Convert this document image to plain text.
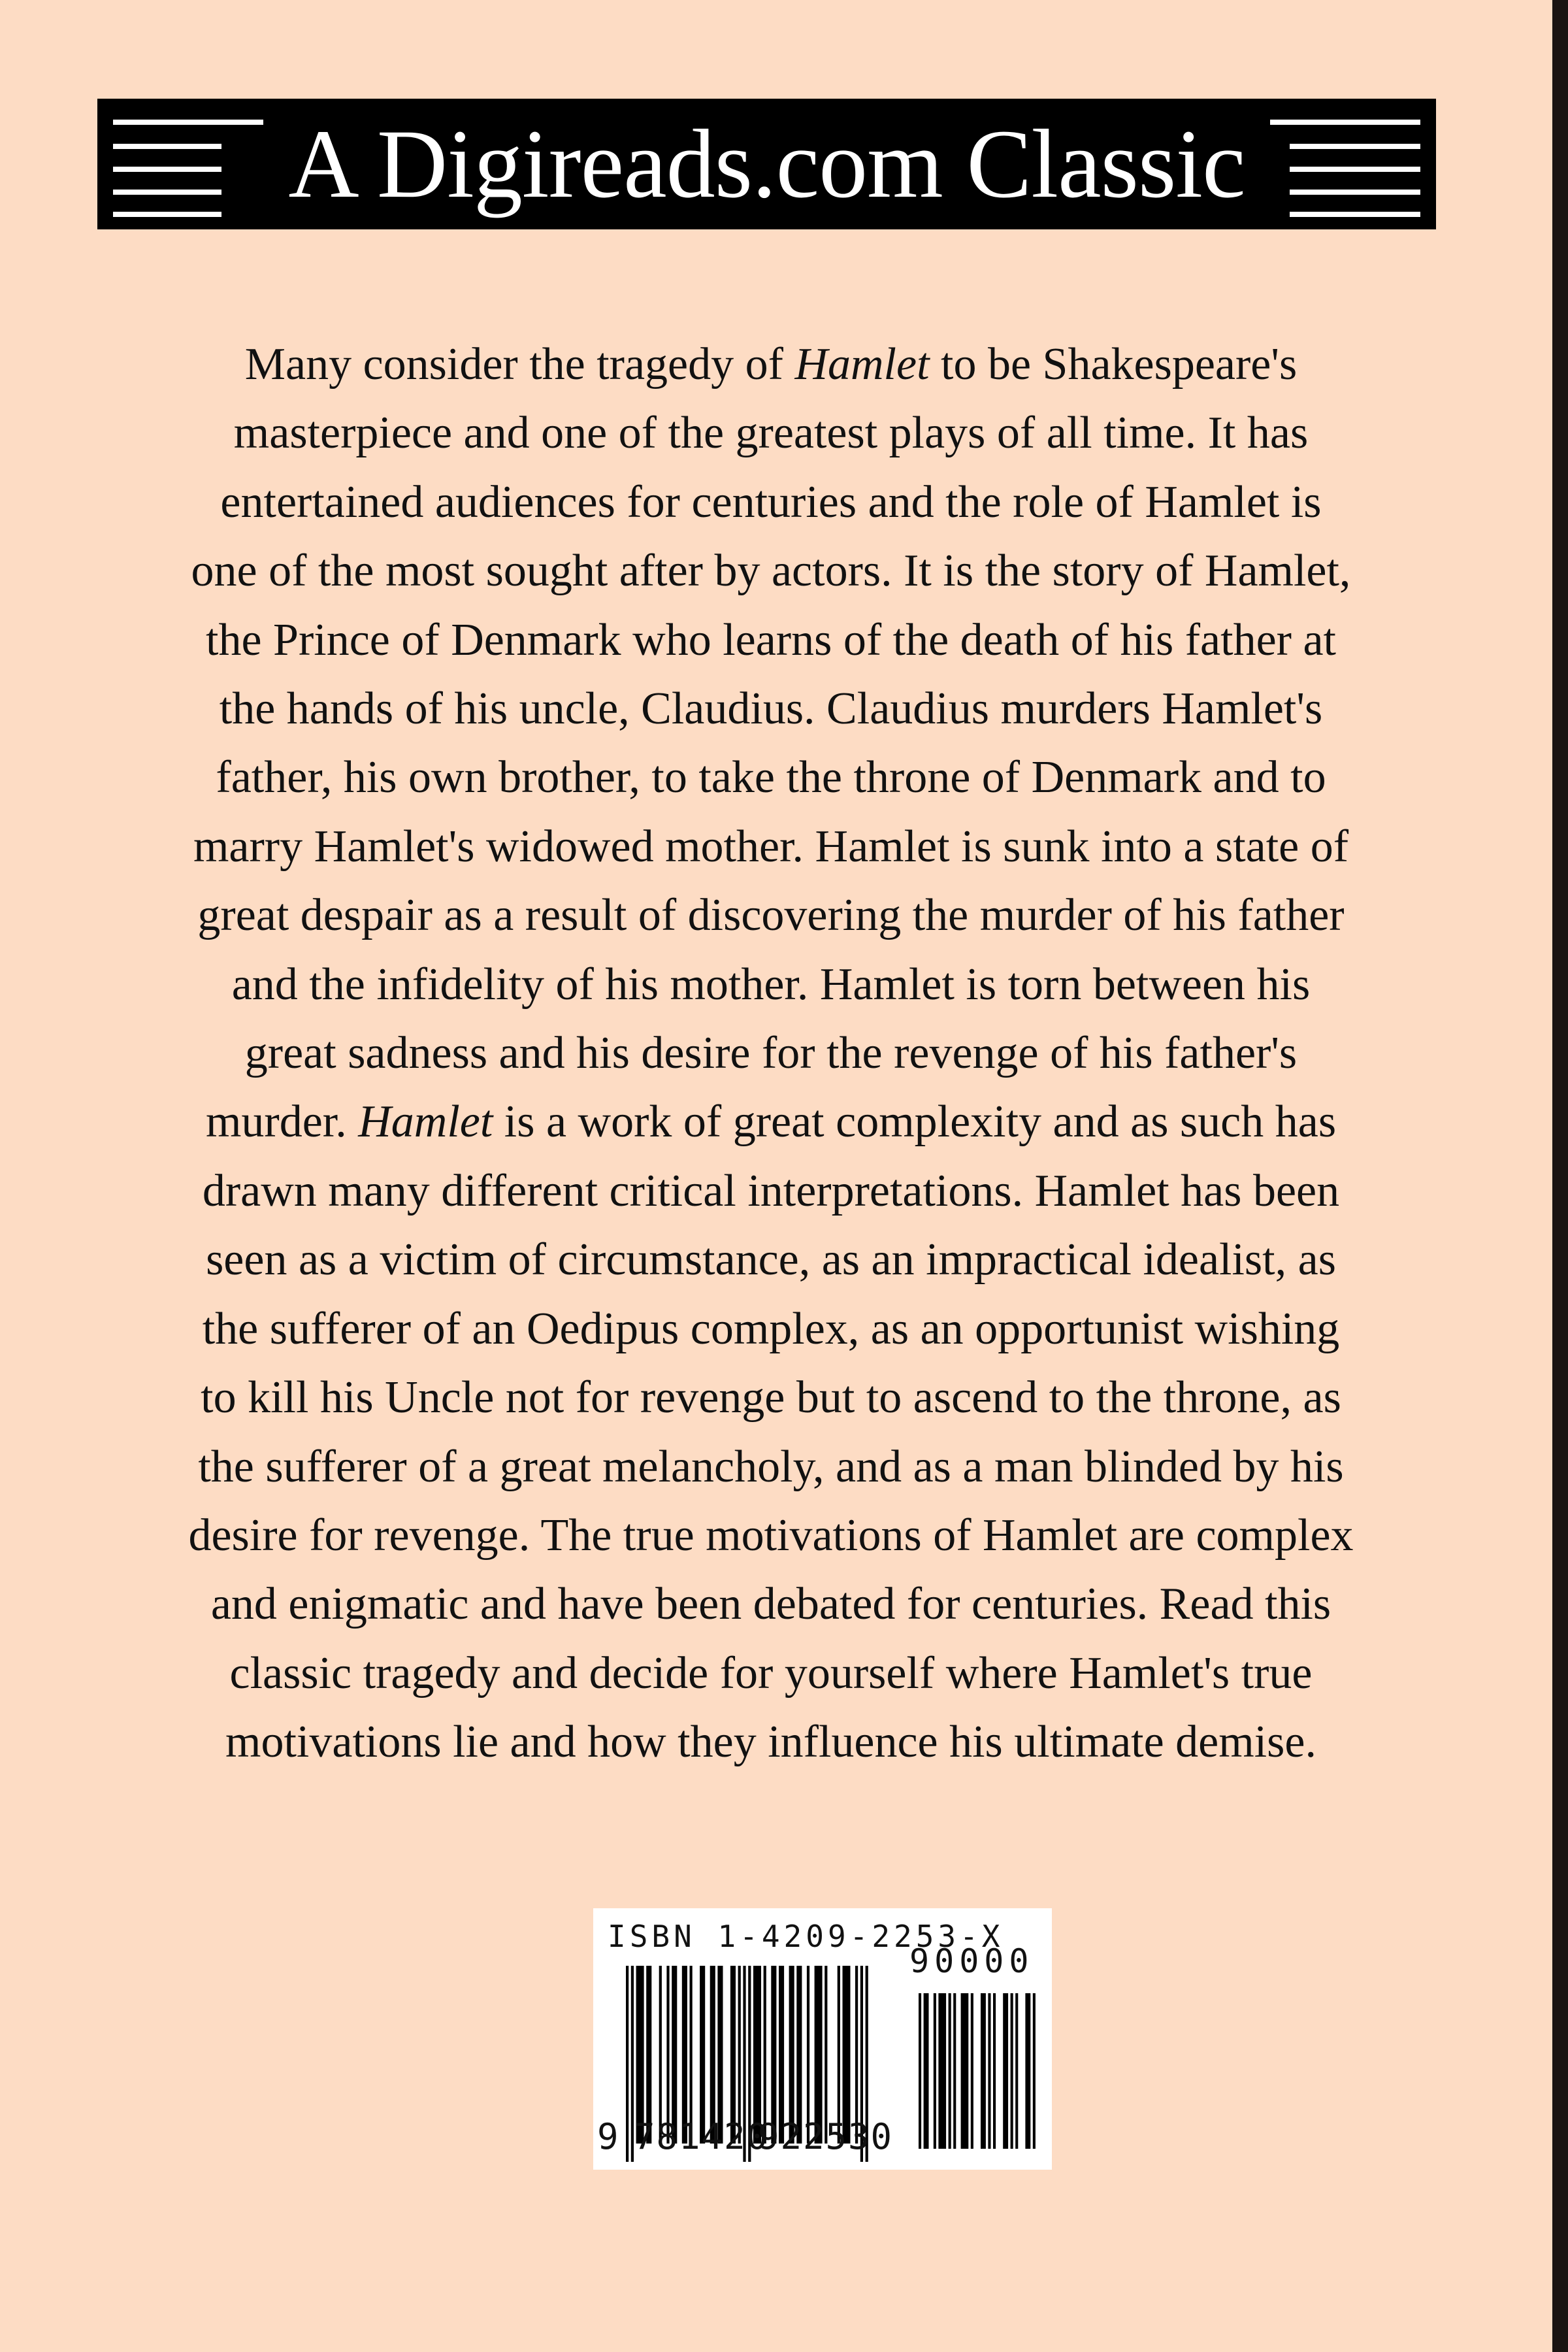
A Digireads.com Classic
Many consider the tragedy of Hamlet to be Shakespeare's
masterpiece and one of the greatest plays of all time. It has
entertained audiences for centuries and the role of Hamlet is
one of the most sought after by actors. It is the story of Hamlet,
the Prince of Denmark who learns of the death of his father at
the hands of his uncle, Claudius. Claudius murders Hamlet's
father, his own brother, to take the throne of Denmark and to
marry Hamlet's widowed mother. Hamlet is sunk into a state of
great despair as a result of discovering the murder of his father
and the infidelity of his mother. Hamlet is torn between his
great sadness and his desire for the revenge of his father's
murder. Hamlet is a work of great complexity and as such has
drawn many different critical interpretations. Hamlet has been
seen as a victim of circumstance, as an impractical idealist, as
the sufferer of an Oedipus complex, as an opportunist wishing
to kill his Uncle not for revenge but to ascend to the throne, as
the sufferer of a great melancholy, and as a man blinded by his
desire for revenge. The true motivations of Hamlet are complex
and enigmatic and have been debated for centuries. Read this
classic tragedy and decide for yourself where Hamlet's true
motivations lie and how they influence his ultimate demise.
ISBN 1-4209-2253-X
90000
9 781420
922530
